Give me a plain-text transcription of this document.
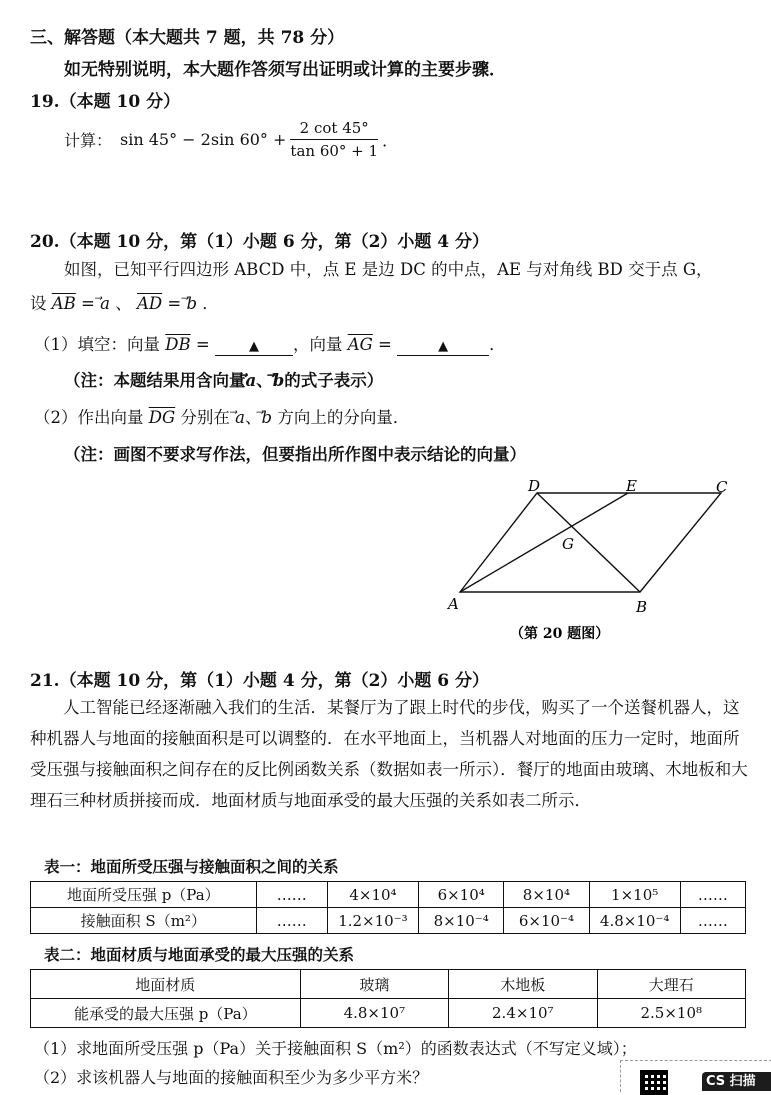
三、解答题（本大题共 7 题，共 78 分）
如无特别说明，本大题作答须写出证明或计算的主要步骤．
19.（本题 10 分）
计算： sin 45° − 2sin $60^\circ + \frac{2 \cot 45^\circ}{\tan 60^\circ + 1}$ ．
20.（本题 10 分，第（1）小题 6 分，第（2）小题 4 分）
如图，已知平行四边形 ABCD 中，点 E 是边 DC 的中点，AE 与对角线 BD 交于点 G，
设 $\overline{AB} = a$ 、 $\overline{AD} = b$ ．
（1）填空：向量 $\overline{DB}$ =	▲ ，向量 $\overline{AG}$ =	▲ ．
（注：本题结果用含向量a、b的式子表示）
（2）作出向量 $\overline{DG}$ 分别在 a、b 方向上的分向量．
（注：画图不要求写作法，但要指出所作图中表示结论的向量）
A	B
C
D	E
G
（第 20 题图）
21.（本题 10 分，第（1）小题 4 分，第（2）小题 6 分）
人工智能已经逐渐融入我们的生活．某餐厅为了跟上时代的步伐，购买了一个送餐机器人，这种机器人与地面的接触面积是可以调整的．在水平地面上，当机器人对地面的压力一定时，地面所受压强与接触面积之间存在的反比例函数关系（数据如表一所示）．餐厅的地面由玻璃、木地板和大理石三种材质拼接而成．地面材质与地面承受的最大压强的关系如表二所示．
表一：地面所受压强与接触面积之间的关系
地面所受压强 p（Pa）	……	4×10⁴	6×10⁴	8×10⁴	1×10⁵	……
接触面积 S（m²）	……	1.2×10⁻³	8×10⁻⁴	6×10⁻⁴	4.8×10⁻⁴	……
表二：地面材质与地面承受的最大压强的关系
地面材质	玻璃	木地板	大理石
能承受的最大压强 p（Pa）	4.8×10⁷	2.4×10⁷	2.5×10⁸
（1）求地面所受压强 p（Pa）关于接触面积 S（m²）的函数表达式（不写定义域）；
（2）求该机器人与地面的接触面积至少为多少平方米？	CS 扫描
